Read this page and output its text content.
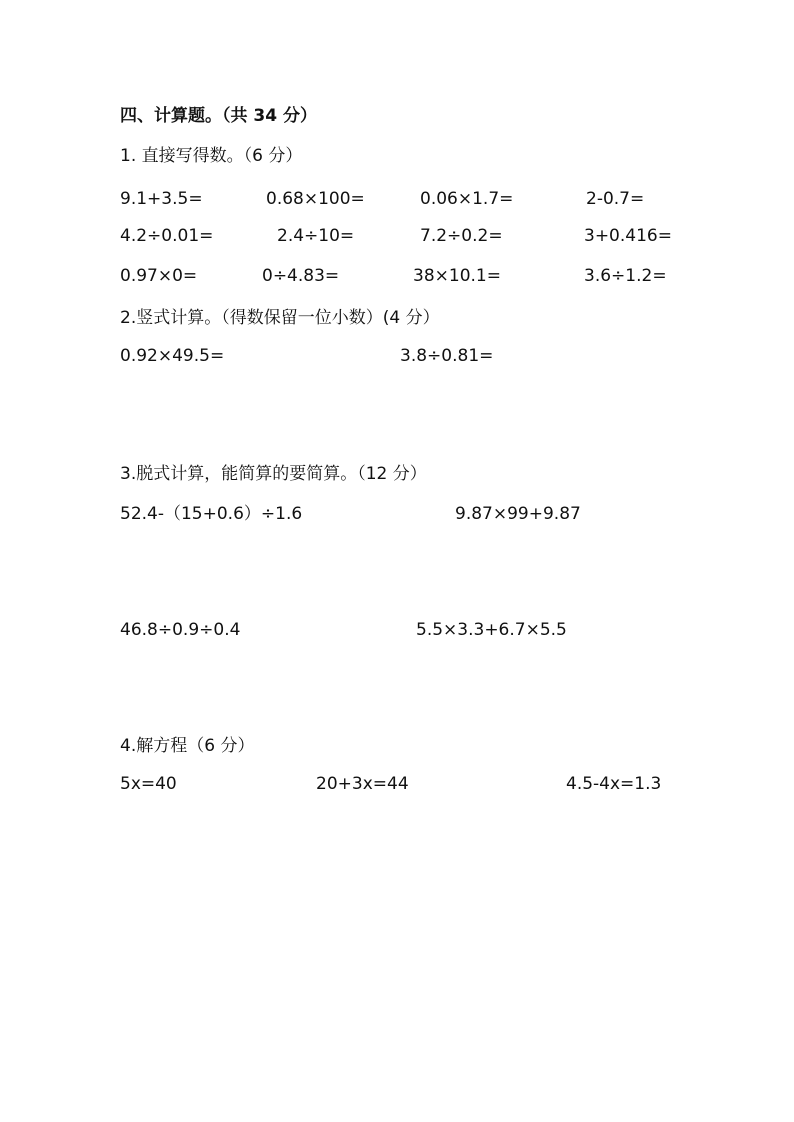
四、计算题。（共 34 分）
1. 直接写得数。（6 分）
9.1+3.5=	0.68×100=	0.06×1.7=	2-0.7=
4.2÷0.01=	2.4÷10=	7.2÷0.2=	3+0.416=
0.97×0=	0÷4.83=	38×10.1=	3.6÷1.2=
2.竖式计算。（得数保留一位小数）(4 分）
0.92×49.5=	3.8÷0.81=
3.脱式计算，能简算的要简算。（12 分）
52.4-（15+0.6）÷1.6	9.87×99+9.87
46.8÷0.9÷0.4	5.5×3.3+6.7×5.5
4.解方程（6 分）
5x=40	20+3x=44	4.5-4x=1.3
